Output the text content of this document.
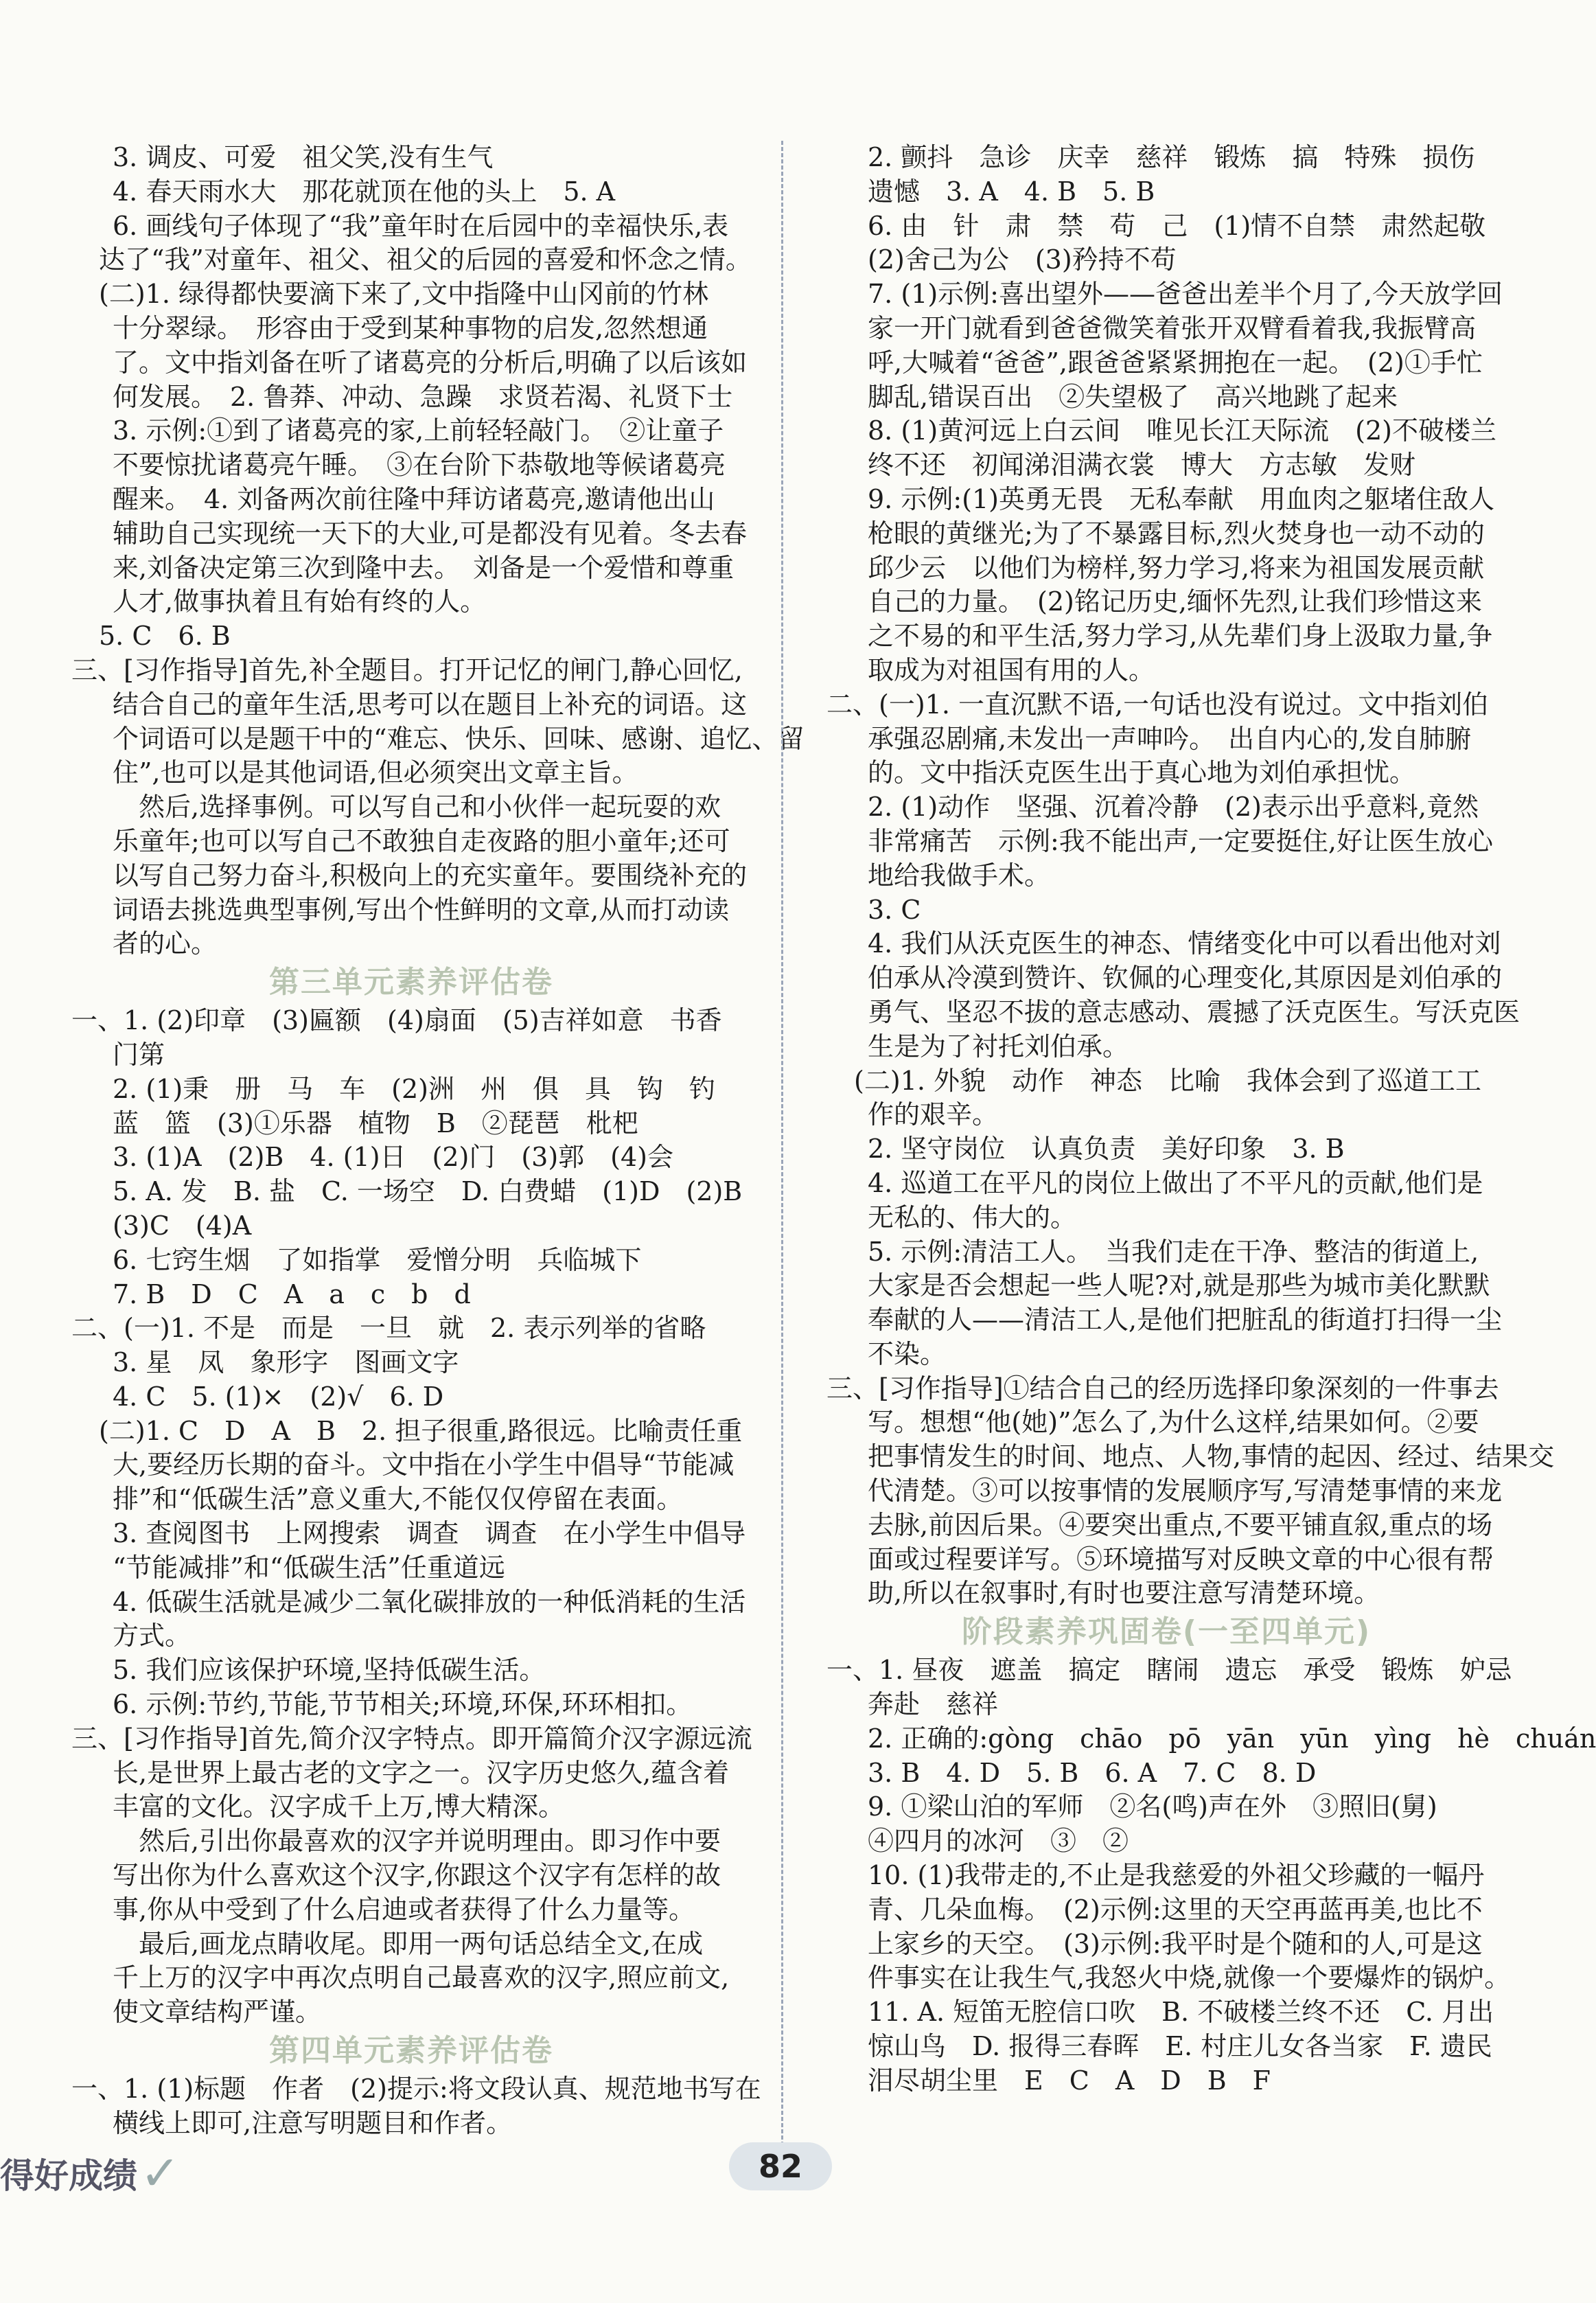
3. 调皮、可爱　祖父笑,没有生气
4. 春天雨水大　那花就顶在他的头上　5. A
6. 画线句子体现了“我”童年时在后园中的幸福快乐,表
达了“我”对童年、祖父、祖父的后园的喜爱和怀念之情。
(二)1. 绿得都快要滴下来了,文中指隆中山冈前的竹林
十分翠绿。　形容由于受到某种事物的启发,忽然想通
了。文中指刘备在听了诸葛亮的分析后,明确了以后该如
何发展。　2. 鲁莽、冲动、急躁　求贤若渴、礼贤下士
3. 示例:①到了诸葛亮的家,上前轻轻敲门。　②让童子
不要惊扰诸葛亮午睡。　③在台阶下恭敬地等候诸葛亮
醒来。　4. 刘备两次前往隆中拜访诸葛亮,邀请他出山
辅助自己实现统一天下的大业,可是都没有见着。冬去春
来,刘备决定第三次到隆中去。　刘备是一个爱惜和尊重
人才,做事执着且有始有终的人。
5. C　6. B
三、[习作指导]首先,补全题目。打开记忆的闸门,静心回忆,
结合自己的童年生活,思考可以在题目上补充的词语。这
个词语可以是题干中的“难忘、快乐、回味、感谢、追忆、留
住”,也可以是其他词语,但必须突出文章主旨。
　然后,选择事例。可以写自己和小伙伴一起玩耍的欢
乐童年;也可以写自己不敢独自走夜路的胆小童年;还可
以写自己努力奋斗,积极向上的充实童年。要围绕补充的
词语去挑选典型事例,写出个性鲜明的文章,从而打动读
者的心。
第三单元素养评估卷
一、1. (2)印章　(3)匾额　(4)扇面　(5)吉祥如意　书香
门第
2. (1)秉　册　马　车　(2)洲　州　俱　具　钩　钓
蓝　篮　(3)①乐器　植物　B　②琵琶　枇杷
3. (1)A　(2)B　4. (1)日　(2)门　(3)郭　(4)会
5. A. 发　B. 盐　C. 一场空　D. 白费蜡　(1)D　(2)B
(3)C　(4)A
6. 七窍生烟　了如指掌　爱憎分明　兵临城下
7. B　D　C　A　a　c　b　d
二、(一)1. 不是　而是　一旦　就　2. 表示列举的省略
3. 星　凤　象形字　图画文字
4. C　5. (1)×　(2)√　6. D
(二)1. C　D　A　B　2. 担子很重,路很远。比喻责任重
大,要经历长期的奋斗。文中指在小学生中倡导“节能减
排”和“低碳生活”意义重大,不能仅仅停留在表面。
3. 查阅图书　上网搜索　调查　调查　在小学生中倡导
“节能减排”和“低碳生活”任重道远
4. 低碳生活就是减少二氧化碳排放的一种低消耗的生活
方式。
5. 我们应该保护环境,坚持低碳生活。
6. 示例:节约,节能,节节相关;环境,环保,环环相扣。
三、[习作指导]首先,简介汉字特点。即开篇简介汉字源远流
长,是世界上最古老的文字之一。汉字历史悠久,蕴含着
丰富的文化。汉字成千上万,博大精深。
　然后,引出你最喜欢的汉字并说明理由。即习作中要
写出你为什么喜欢这个汉字,你跟这个汉字有怎样的故
事,你从中受到了什么启迪或者获得了什么力量等。
　最后,画龙点睛收尾。即用一两句话总结全文,在成
千上万的汉字中再次点明自己最喜欢的汉字,照应前文,
使文章结构严谨。
第四单元素养评估卷
一、1. (1)标题　作者　(2)提示:将文段认真、规范地书写在
横线上即可,注意写明题目和作者。
2. 颤抖　急诊　庆幸　慈祥　锻炼　搞　特殊　损伤
遗憾　3. A　4. B　5. B
6. 由　针　肃　禁　苟　己　(1)情不自禁　肃然起敬
(2)舍己为公　(3)矜持不苟
7. (1)示例:喜出望外——爸爸出差半个月了,今天放学回
家一开门就看到爸爸微笑着张开双臂看着我,我振臂高
呼,大喊着“爸爸”,跟爸爸紧紧拥抱在一起。　(2)①手忙
脚乱,错误百出　②失望极了　高兴地跳了起来
8. (1)黄河远上白云间　唯见长江天际流　(2)不破楼兰
终不还　初闻涕泪满衣裳　博大　方志敏　发财
9. 示例:(1)英勇无畏　无私奉献　用血肉之躯堵住敌人
枪眼的黄继光;为了不暴露目标,烈火焚身也一动不动的
邱少云　以他们为榜样,努力学习,将来为祖国发展贡献
自己的力量。　(2)铭记历史,缅怀先烈,让我们珍惜这来
之不易的和平生活,努力学习,从先辈们身上汲取力量,争
取成为对祖国有用的人。
二、(一)1. 一直沉默不语,一句话也没有说过。文中指刘伯
承强忍剧痛,未发出一声呻吟。　出自内心的,发自肺腑
的。文中指沃克医生出于真心地为刘伯承担忧。
2. (1)动作　坚强、沉着冷静　(2)表示出乎意料,竟然
非常痛苦　示例:我不能出声,一定要挺住,好让医生放心
地给我做手术。
3. C
4. 我们从沃克医生的神态、情绪变化中可以看出他对刘
伯承从冷漠到赞许、钦佩的心理变化,其原因是刘伯承的
勇气、坚忍不拔的意志感动、震撼了沃克医生。写沃克医
生是为了衬托刘伯承。
(二)1. 外貌　动作　神态　比喻　我体会到了巡道工工
作的艰辛。
2. 坚守岗位　认真负责　美好印象　3. B
4. 巡道工在平凡的岗位上做出了不平凡的贡献,他们是
无私的、伟大的。
5. 示例:清洁工人。　当我们走在干净、整洁的街道上,
大家是否会想起一些人呢?对,就是那些为城市美化默默
奉献的人——清洁工人,是他们把脏乱的街道打扫得一尘
不染。
三、[习作指导]①结合自己的经历选择印象深刻的一件事去
写。想想“他(她)”怎么了,为什么这样,结果如何。②要
把事情发生的时间、地点、人物,事情的起因、经过、结果交
代清楚。③可以按事情的发展顺序写,写清楚事情的来龙
去脉,前因后果。④要突出重点,不要平铺直叙,重点的场
面或过程要详写。⑤环境描写对反映文章的中心很有帮
助,所以在叙事时,有时也要注意写清楚环境。
阶段素养巩固卷(一至四单元)
一、1. 昼夜　遮盖　搞定　瞎闹　遗忘　承受　锻炼　妒忌
奔赴　慈祥
2. 正确的:gòng　chāo　pō　yān　yūn　yìng　hè　chuán
3. B　4. D　5. B　6. A　7. C　8. D
9. ①梁山泊的军师　②名(鸣)声在外　③照旧(舅)
④四月的冰河　③　②
10. (1)我带走的,不止是我慈爱的外祖父珍藏的一幅丹
青、几朵血梅。　(2)示例:这里的天空再蓝再美,也比不
上家乡的天空。　(3)示例:我平时是个随和的人,可是这
件事实在让我生气,我怒火中烧,就像一个要爆炸的锅炉。
11. A. 短笛无腔信口吹　B. 不破楼兰终不还　C. 月出
惊山鸟　D. 报得三春晖　E. 村庄儿女各当家　F. 遗民
泪尽胡尘里　E　C　A　D　B　F
得好成绩 ✓	82
